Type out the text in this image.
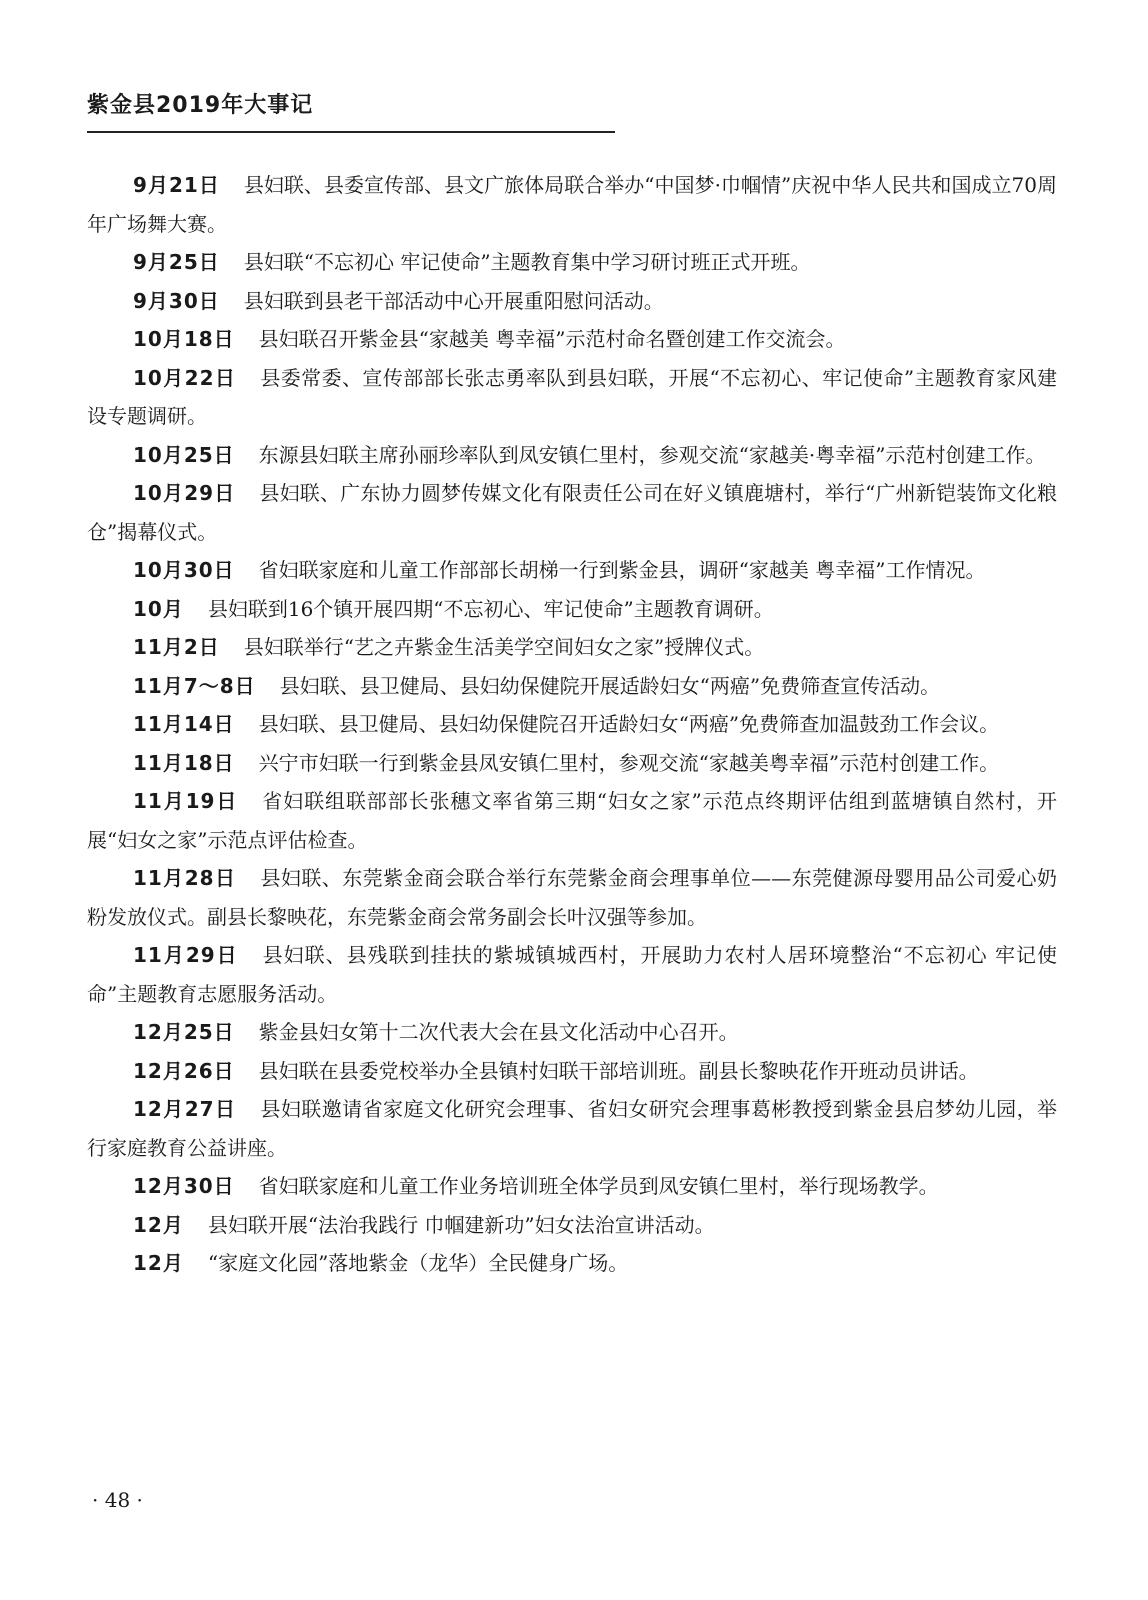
紫金县2019年大事记

9月21日 县妇联、县委宣传部、县文广旅体局联合举办“中国梦·巾帼情”庆祝中华人民共和国成立70周年广场舞大赛。

9月25日 县妇联“不忘初心 牢记使命”主题教育集中学习研讨班正式开班。

9月30日 县妇联到县老干部活动中心开展重阳慰问活动。

10月18日 县妇联召开紫金县“家越美 粤幸福”示范村命名暨创建工作交流会。

10月22日 县委常委、宣传部部长张志勇率队到县妇联，开展“不忘初心、牢记使命”主题教育家风建设专题调研。

10月25日 东源县妇联主席孙丽珍率队到凤安镇仁里村，参观交流“家越美·粤幸福”示范村创建工作。

10月29日 县妇联、广东协力圆梦传媒文化有限责任公司在好义镇鹿塘村，举行“广州新铠装饰文化粮仓”揭幕仪式。

10月30日 省妇联家庭和儿童工作部部长胡梯一行到紫金县，调研“家越美 粤幸福”工作情况。

10月 县妇联到16个镇开展四期“不忘初心、牢记使命”主题教育调研。

11月2日 县妇联举行“艺之卉紫金生活美学空间妇女之家”授牌仪式。

11月7～8日 县妇联、县卫健局、县妇幼保健院开展适龄妇女“两癌”免费筛查宣传活动。

11月14日 县妇联、县卫健局、县妇幼保健院召开适龄妇女“两癌”免费筛查加温鼓劲工作会议。

11月18日 兴宁市妇联一行到紫金县凤安镇仁里村，参观交流“家越美粤幸福”示范村创建工作。

11月19日 省妇联组联部部长张穗文率省第三期“妇女之家”示范点终期评估组到蓝塘镇自然村，开展“妇女之家”示范点评估检查。

11月28日 县妇联、东莞紫金商会联合举行东莞紫金商会理事单位——东莞健源母婴用品公司爱心奶粉发放仪式。副县长黎映花，东莞紫金商会常务副会长叶汉强等参加。

11月29日 县妇联、县残联到挂扶的紫城镇城西村，开展助力农村人居环境整治“不忘初心 牢记使命”主题教育志愿服务活动。

12月25日 紫金县妇女第十二次代表大会在县文化活动中心召开。

12月26日 县妇联在县委党校举办全县镇村妇联干部培训班。副县长黎映花作开班动员讲话。

12月27日 县妇联邀请省家庭文化研究会理事、省妇女研究会理事葛彬教授到紫金县启梦幼儿园，举行家庭教育公益讲座。

12月30日 省妇联家庭和儿童工作业务培训班全体学员到凤安镇仁里村，举行现场教学。

12月 县妇联开展“法治我践行 巾帼建新功”妇女法治宣讲活动。

12月 “家庭文化园”落地紫金（龙华）全民健身广场。

· 48 ·
